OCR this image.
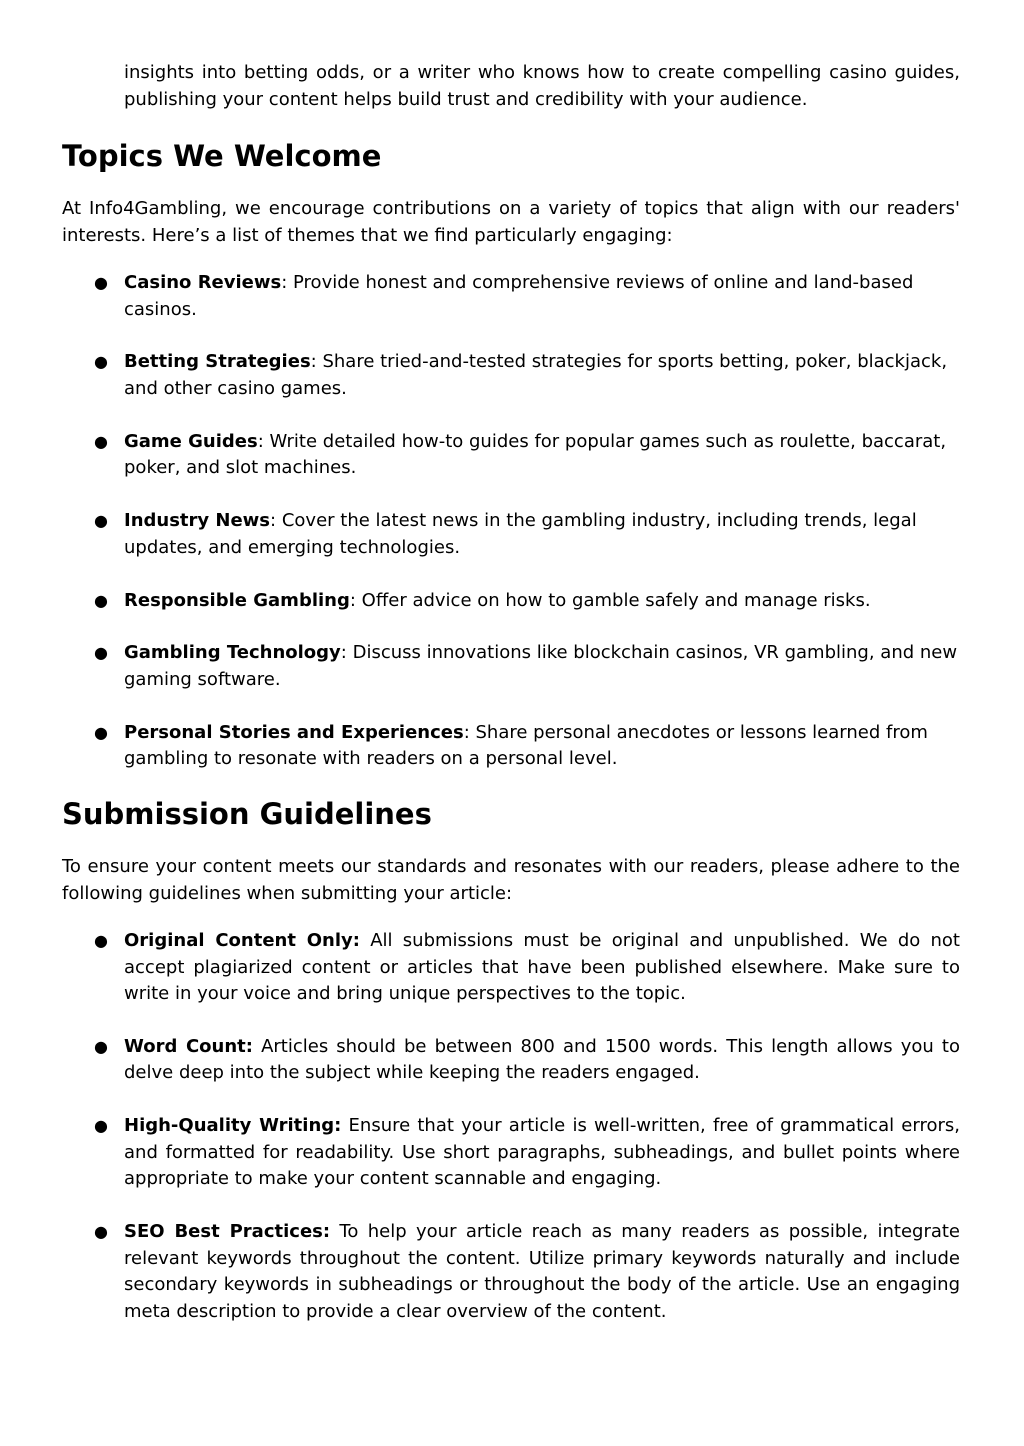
insights into betting odds, or a writer who knows how to create compelling casino guides, publishing your content helps build trust and credibility with your audience.

Topics We Welcome

At Info4Gambling, we encourage contributions on a variety of topics that align with our readers' interests. Here’s a list of themes that we find particularly engaging:

● Casino Reviews: Provide honest and comprehensive reviews of online and land-based casinos.
● Betting Strategies: Share tried-and-tested strategies for sports betting, poker, blackjack, and other casino games.
● Game Guides: Write detailed how-to guides for popular games such as roulette, baccarat, poker, and slot machines.
● Industry News: Cover the latest news in the gambling industry, including trends, legal updates, and emerging technologies.
● Responsible Gambling: Offer advice on how to gamble safely and manage risks.
● Gambling Technology: Discuss innovations like blockchain casinos, VR gambling, and new gaming software.
● Personal Stories and Experiences: Share personal anecdotes or lessons learned from gambling to resonate with readers on a personal level.
Submission Guidelines

To ensure your content meets our standards and resonates with our readers, please adhere to the following guidelines when submitting your article:

● Original Content Only: All submissions must be original and unpublished. We do not accept plagiarized content or articles that have been published elsewhere. Make sure to write in your voice and bring unique perspectives to the topic.
● Word Count: Articles should be between 800 and 1500 words. This length allows you to delve deep into the subject while keeping the readers engaged.
● High-Quality Writing: Ensure that your article is well-written, free of grammatical errors, and formatted for readability. Use short paragraphs, subheadings, and bullet points where appropriate to make your content scannable and engaging.
● SEO Best Practices: To help your article reach as many readers as possible, integrate relevant keywords throughout the content. Utilize primary keywords naturally and include secondary keywords in subheadings or throughout the body of the article. Use an engaging meta description to provide a clear overview of the content.
